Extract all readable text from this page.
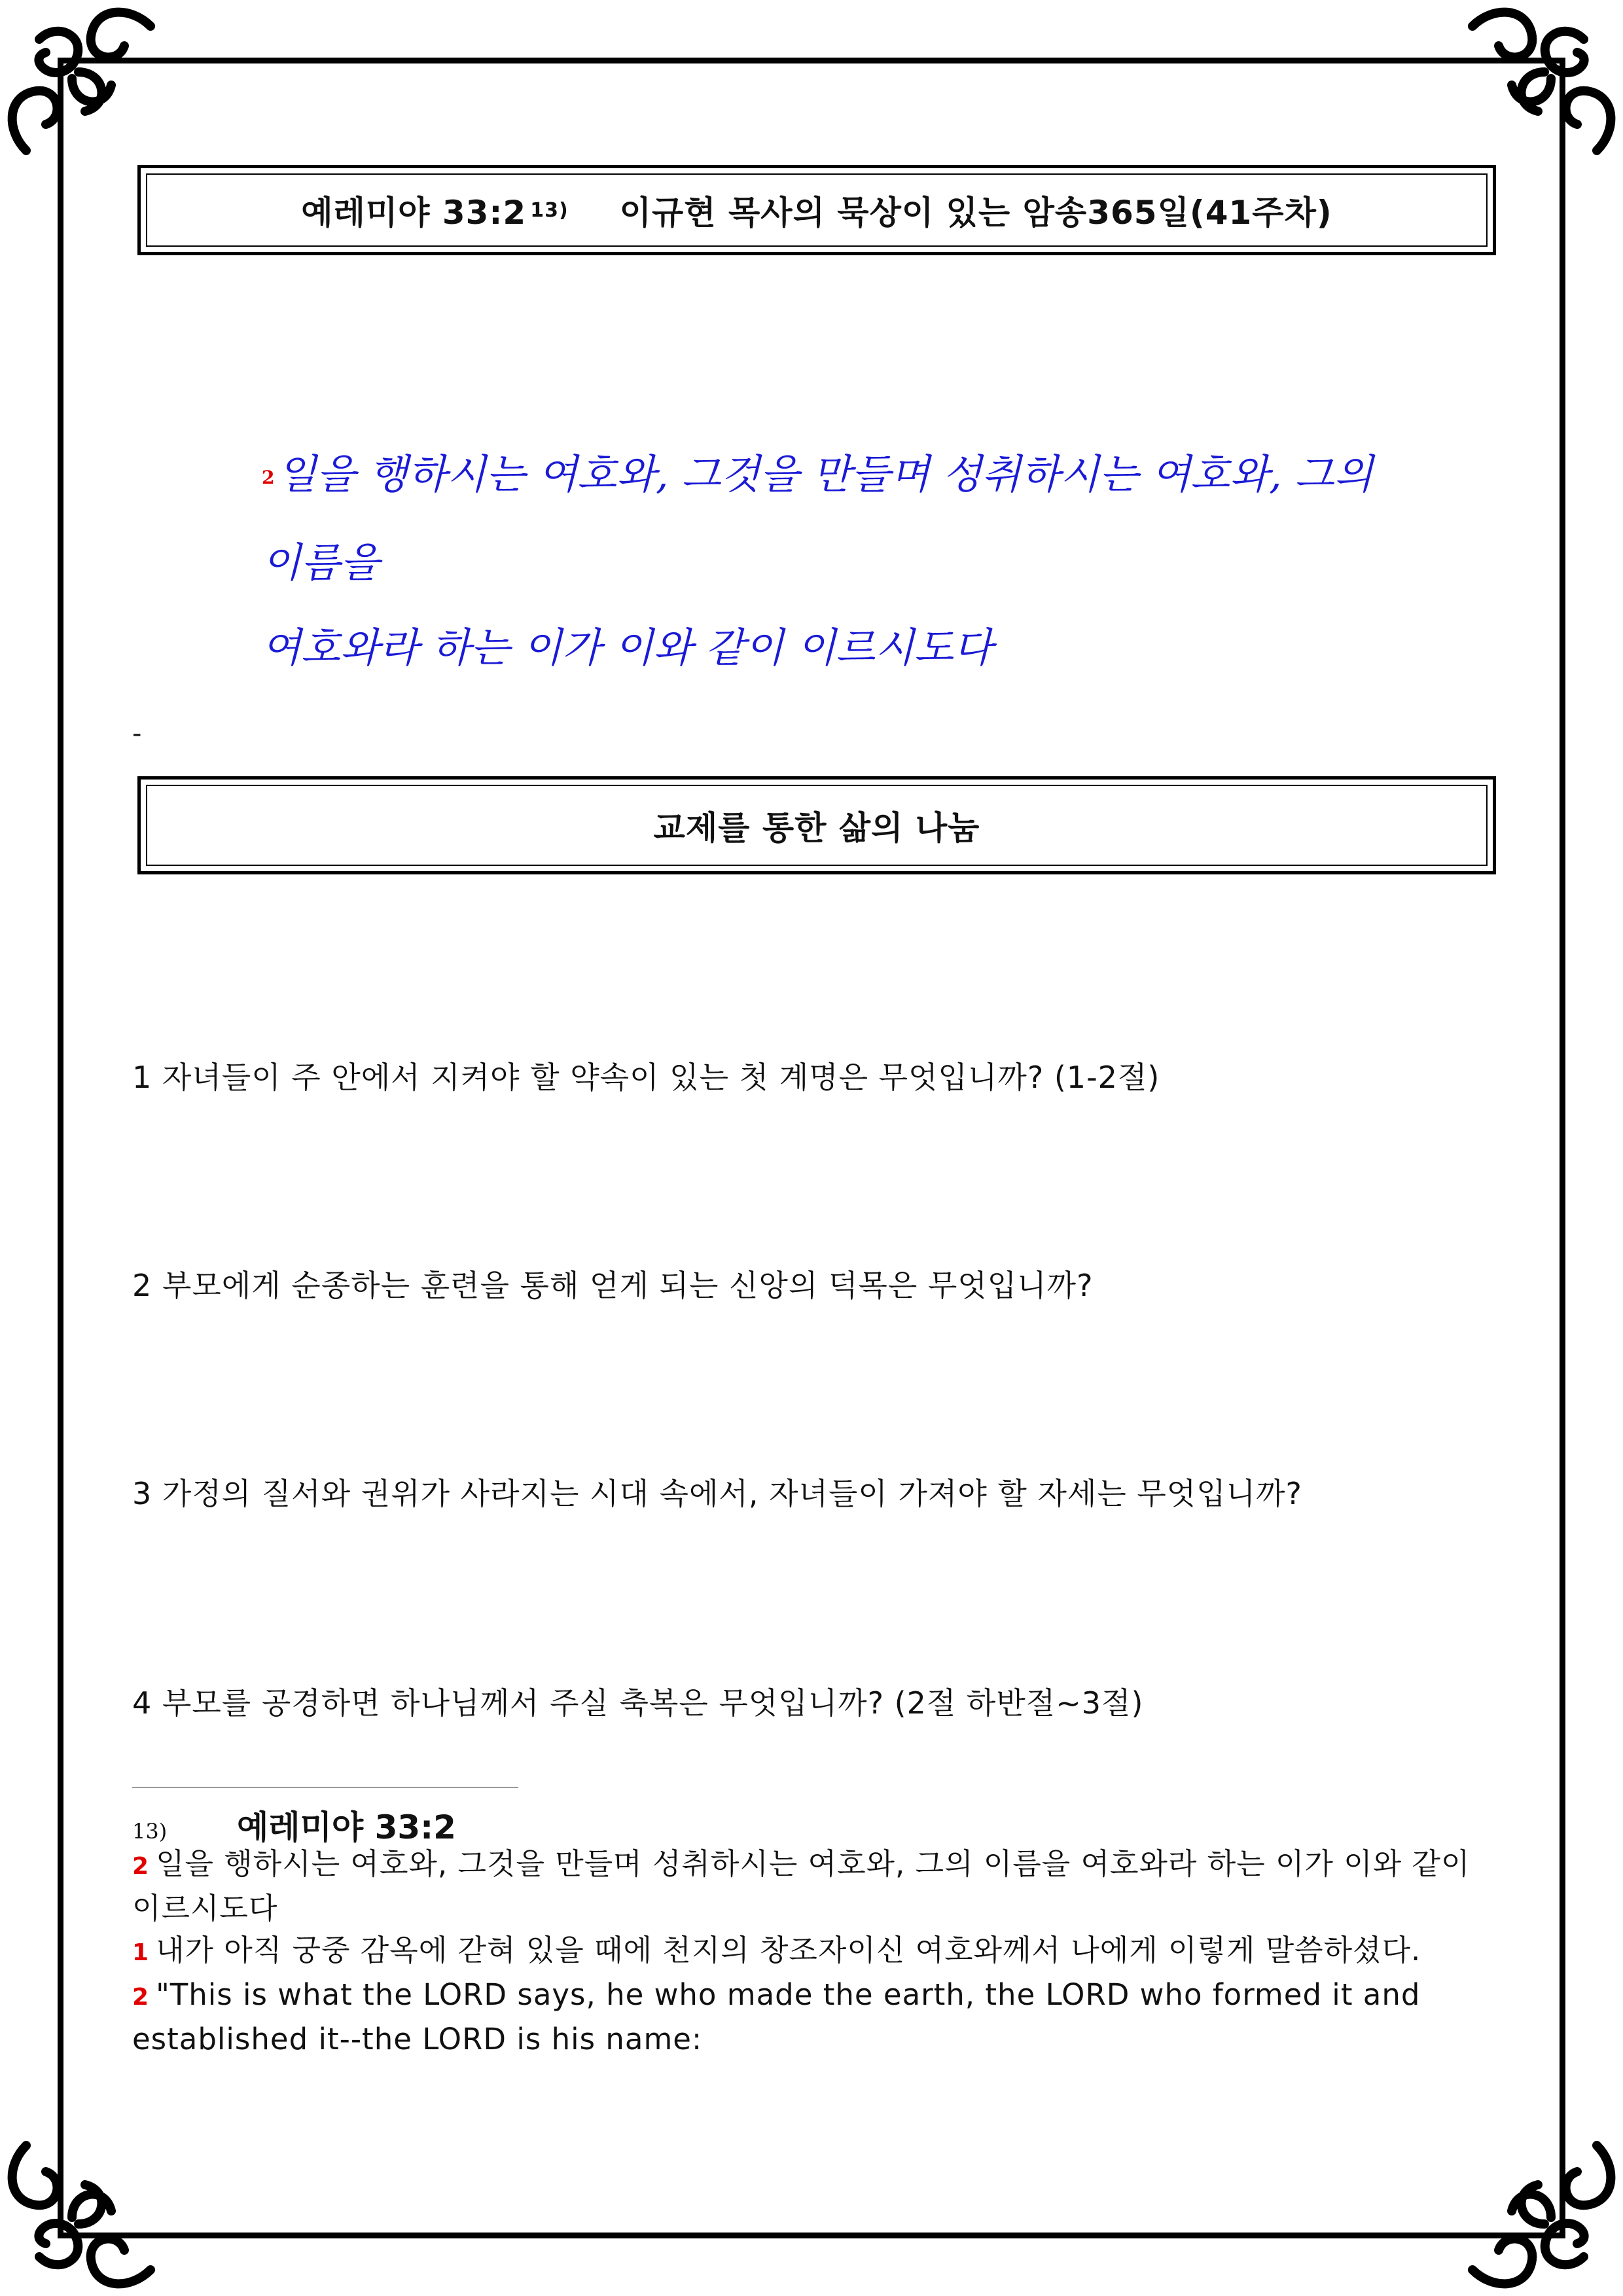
예레미야 33:2 13) 이규현 목사의 묵상이 있는 암송365일(41주차)
2일을 행하시는 여호와, 그것을 만들며 성취하시는 여호와, 그의 이름을
여호와라 하는 이가 이와 같이 이르시도다
-
교제를 통한 삶의 나눔
1 자녀들이 주 안에서 지켜야 할 약속이 있는 첫 계명은 무엇입니까? (1-2절)
2 부모에게 순종하는 훈련을 통해 얻게 되는 신앙의 덕목은 무엇입니까?
3 가정의 질서와 권위가 사라지는 시대 속에서, 자녀들이 가져야 할 자세는 무엇입니까?
4 부모를 공경하면 하나님께서 주실 축복은 무엇입니까? (2절 하반절~3절)
13)	예레미야 33:2

2 일을 행하시는 여호와, 그것을 만들며 성취하시는 여호와, 그의 이름을 여호와라 하는 이가 이와 같이 이르시도다

1 내가 아직 궁중 감옥에 갇혀 있을 때에 천지의 창조자이신 여호와께서 나에게 이렇게 말씀하셨다.

2 "This is what the LORD says, he who made the earth, the LORD who formed it and established it--the LORD is his name:
